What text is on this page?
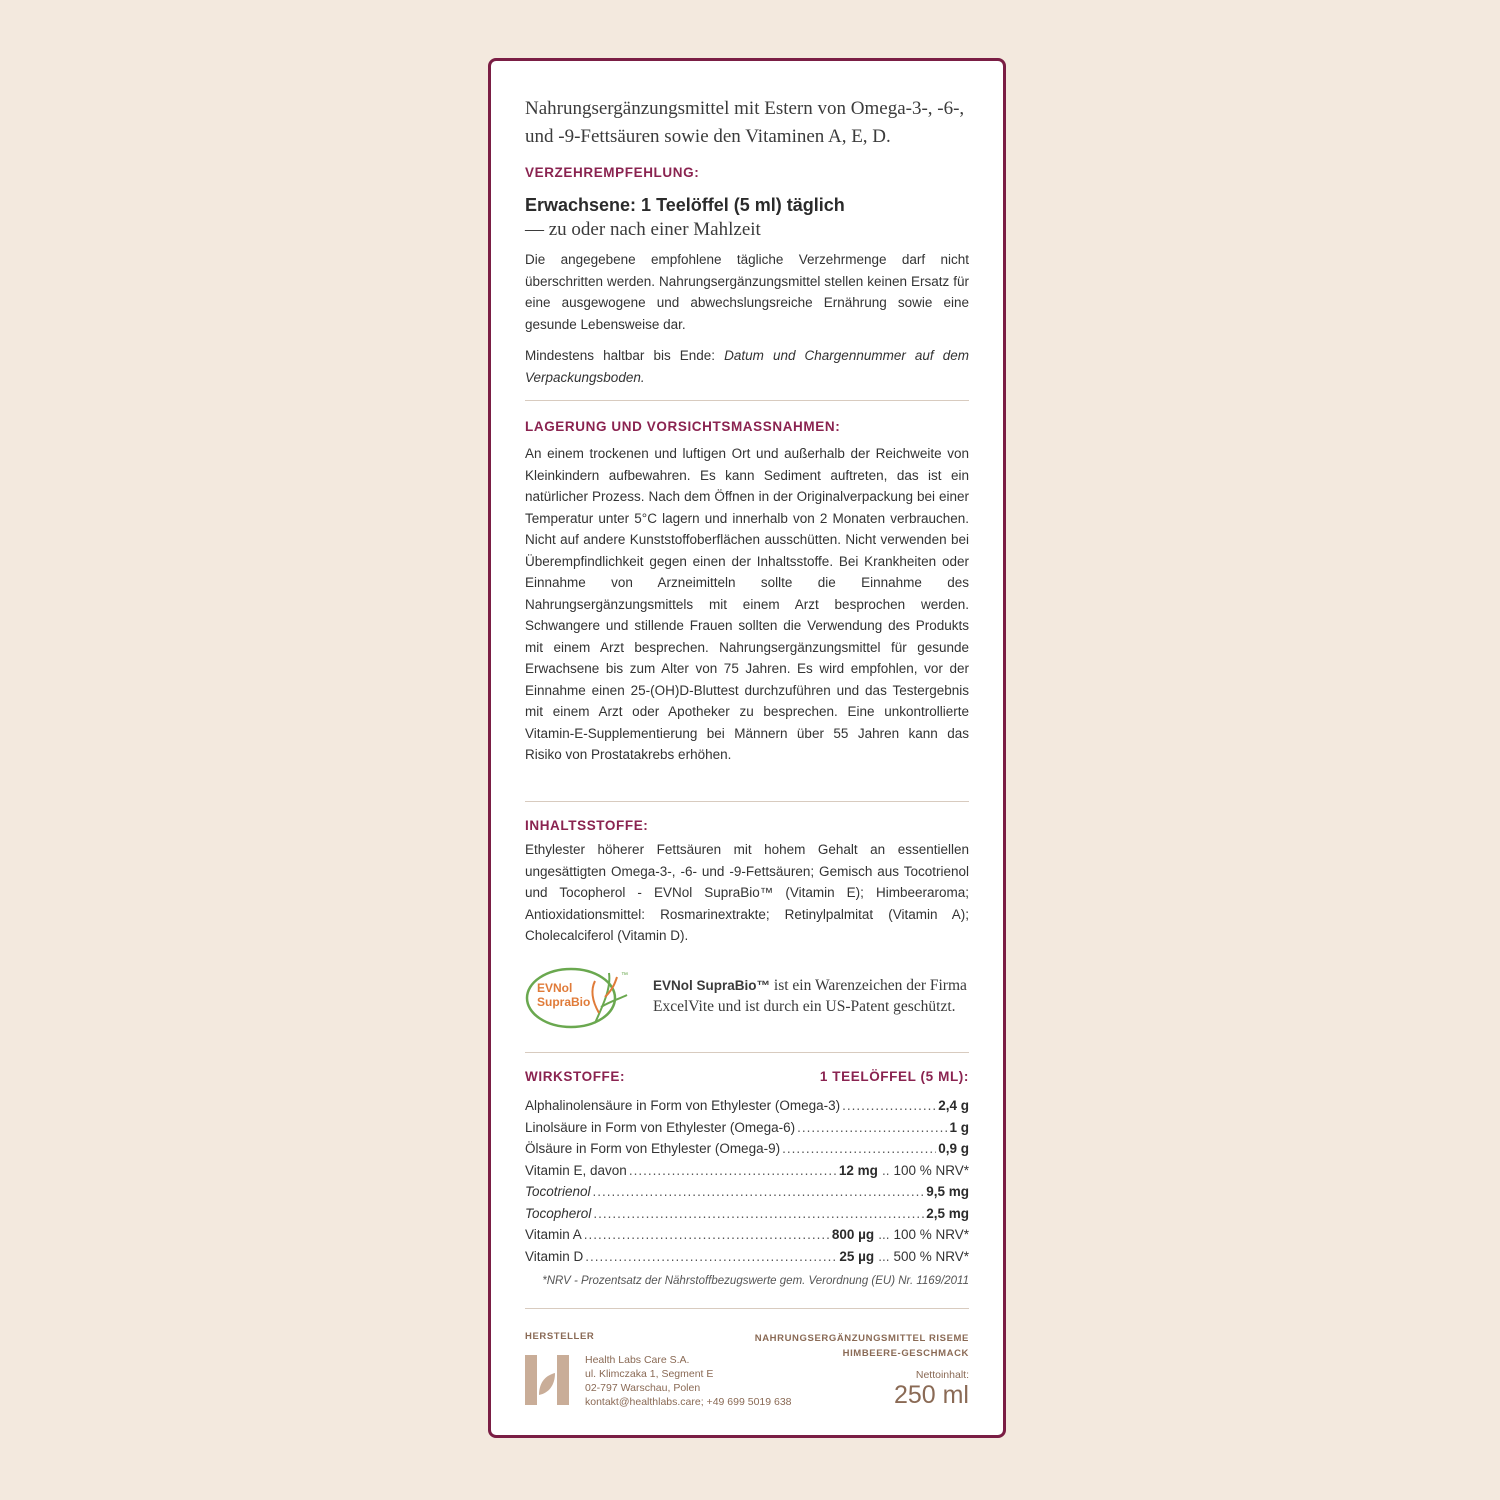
Nahrungsergänzungsmittel mit Estern von Omega-3-, -6-, und -9-Fettsäuren sowie den Vitaminen A, E, D.
VERZEHREMPFEHLUNG:
Erwachsene: 1 Teelöffel (5 ml) täglich
— zu oder nach einer Mahlzeit
Die angegebene empfohlene tägliche Verzehrmenge darf nicht überschritten werden. Nahrungsergänzungsmittel stellen keinen Ersatz für eine ausgewogene und abwechslungsreiche Ernährung sowie eine gesunde Lebensweise dar.
Mindestens haltbar bis Ende: Datum und Chargennummer auf dem Verpackungsboden.
LAGERUNG UND VORSICHTSMASSNAHMEN:
An einem trockenen und luftigen Ort und außerhalb der Reichweite von Kleinkindern aufbewahren. Es kann Sediment auftreten, das ist ein natürlicher Prozess. Nach dem Öffnen in der Originalverpackung bei einer Temperatur unter 5°C lagern und innerhalb von 2 Monaten verbrauchen. Nicht auf andere Kunststoffoberflächen ausschütten. Nicht verwenden bei Überempfindlichkeit gegen einen der Inhaltsstoffe. Bei Krankheiten oder Einnahme von Arzneimitteln sollte die Einnahme des Nahrungsergänzungsmittels mit einem Arzt besprochen werden. Schwangere und stillende Frauen sollten die Verwendung des Produkts mit einem Arzt besprechen. Nahrungsergänzungsmittel für gesunde Erwachsene bis zum Alter von 75 Jahren. Es wird empfohlen, vor der Einnahme einen 25-(OH)D-Bluttest durchzuführen und das Testergebnis mit einem Arzt oder Apotheker zu besprechen. Eine unkontrollierte Vitamin-E-Supplementierung bei Männern über 55 Jahren kann das Risiko von Prostatakrebs erhöhen.
INHALTSSTOFFE:
Ethylester höherer Fettsäuren mit hohem Gehalt an essentiellen ungesättigten Omega-3-, -6- und -9-Fettsäuren; Gemisch aus Tocotrienol und Tocopherol - EVNol SupraBio™ (Vitamin E); Himbeeraroma; Antioxidationsmittel: Rosmarinextrakte; Retinylpalmitat (Vitamin A); Cholecalciferol (Vitamin D).
EVNol
SupraBio
™
EVNol SupraBio™ ist ein Warenzeichen der Firma ExcelVite und ist durch ein US-Patent geschützt.
WIRKSTOFFE:	1 TEELÖFFEL (5 ML):
Alphalinolensäure in Form von Ethylester (Omega-3) .....	2,4 g
Linolsäure in Form von Ethylester (Omega-6) .....	1 g
Ölsäure in Form von Ethylester (Omega-9) .....	0,9 g
Vitamin E, davon .....	12 mg .. 100 % NRV*
Tocotrienol .....	9,5 mg
Tocopherol .....	2,5 mg
Vitamin A .....	800 µg ... 100 % NRV*
Vitamin D .....	25 µg ... 500 % NRV*
*NRV - Prozentsatz der Nährstoffbezugswerte gem. Verordnung (EU) Nr. 1169/2011
HERSTELLER
Health Labs Care S.A.
ul. Klimczaka 1, Segment E
02-797 Warschau, Polen
kontakt@healthlabs.care; +49 699 5019 638
NAHRUNGSERGÄNZUNGSMITTEL RISEME
HIMBEERE-GESCHMACK
Nettoinhalt:
250 ml
